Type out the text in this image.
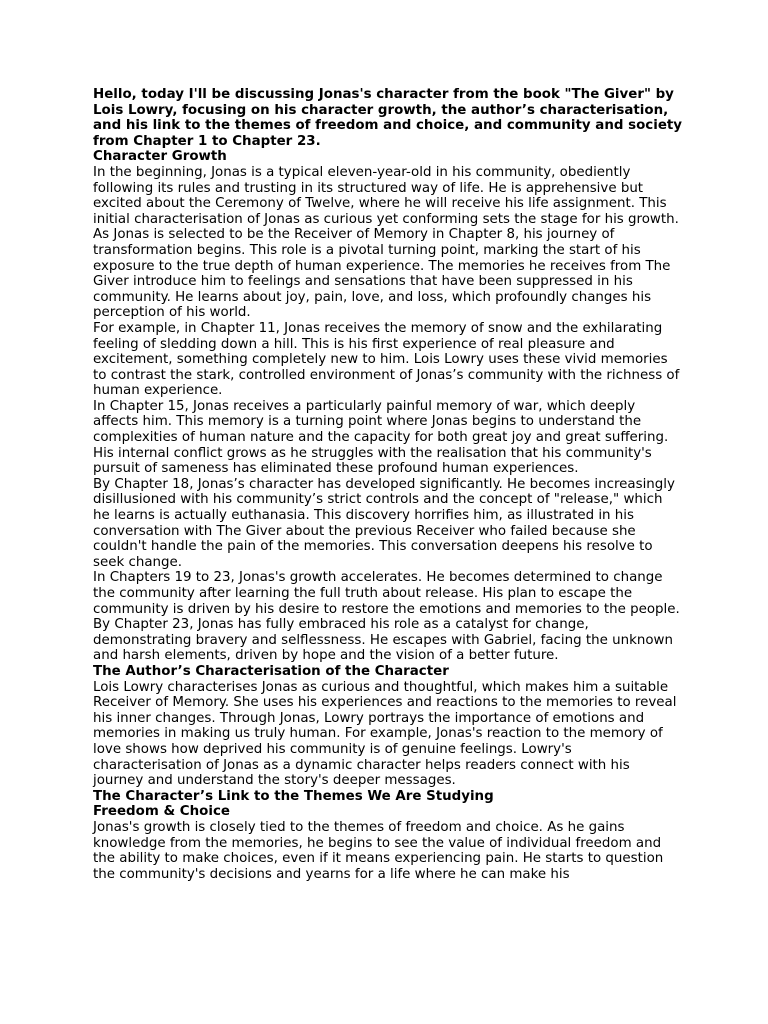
Hello, today I'll be discussing Jonas's character from the book "The Giver" by Lois Lowry, focusing on his character growth, the author’s characterisation, and his link to the themes of freedom and choice, and community and society from Chapter 1 to Chapter 23.

Character Growth

In the beginning, Jonas is a typical eleven-year-old in his community, obediently following its rules and trusting in its structured way of life. He is apprehensive but excited about the Ceremony of Twelve, where he will receive his life assignment. This initial characterisation of Jonas as curious yet conforming sets the stage for his growth.

As Jonas is selected to be the Receiver of Memory in Chapter 8, his journey of transformation begins. This role is a pivotal turning point, marking the start of his exposure to the true depth of human experience. The memories he receives from The Giver introduce him to feelings and sensations that have been suppressed in his community. He learns about joy, pain, love, and loss, which profoundly changes his perception of his world.

For example, in Chapter 11, Jonas receives the memory of snow and the exhilarating feeling of sledding down a hill. This is his first experience of real pleasure and excitement, something completely new to him. Lois Lowry uses these vivid memories to contrast the stark, controlled environment of Jonas’s community with the richness of human experience.

In Chapter 15, Jonas receives a particularly painful memory of war, which deeply affects him. This memory is a turning point where Jonas begins to understand the complexities of human nature and the capacity for both great joy and great suffering. His internal conflict grows as he struggles with the realisation that his community's pursuit of sameness has eliminated these profound human experiences.

By Chapter 18, Jonas’s character has developed significantly. He becomes increasingly disillusioned with his community’s strict controls and the concept of "release," which he learns is actually euthanasia. This discovery horrifies him, as illustrated in his conversation with The Giver about the previous Receiver who failed because she couldn't handle the pain of the memories. This conversation deepens his resolve to seek change.

In Chapters 19 to 23, Jonas's growth accelerates. He becomes determined to change the community after learning the full truth about release. His plan to escape the community is driven by his desire to restore the emotions and memories to the people. By Chapter 23, Jonas has fully embraced his role as a catalyst for change, demonstrating bravery and selflessness. He escapes with Gabriel, facing the unknown and harsh elements, driven by hope and the vision of a better future.

The Author’s Characterisation of the Character

Lois Lowry characterises Jonas as curious and thoughtful, which makes him a suitable Receiver of Memory. She uses his experiences and reactions to the memories to reveal his inner changes. Through Jonas, Lowry portrays the importance of emotions and memories in making us truly human. For example, Jonas's reaction to the memory of love shows how deprived his community is of genuine feelings. Lowry's characterisation of Jonas as a dynamic character helps readers connect with his journey and understand the story's deeper messages.

The Character’s Link to the Themes We Are Studying

Freedom & Choice

Jonas's growth is closely tied to the themes of freedom and choice. As he gains knowledge from the memories, he begins to see the value of individual freedom and the ability to make choices, even if it means experiencing pain. He starts to question the community's decisions and yearns for a life where he can make his
